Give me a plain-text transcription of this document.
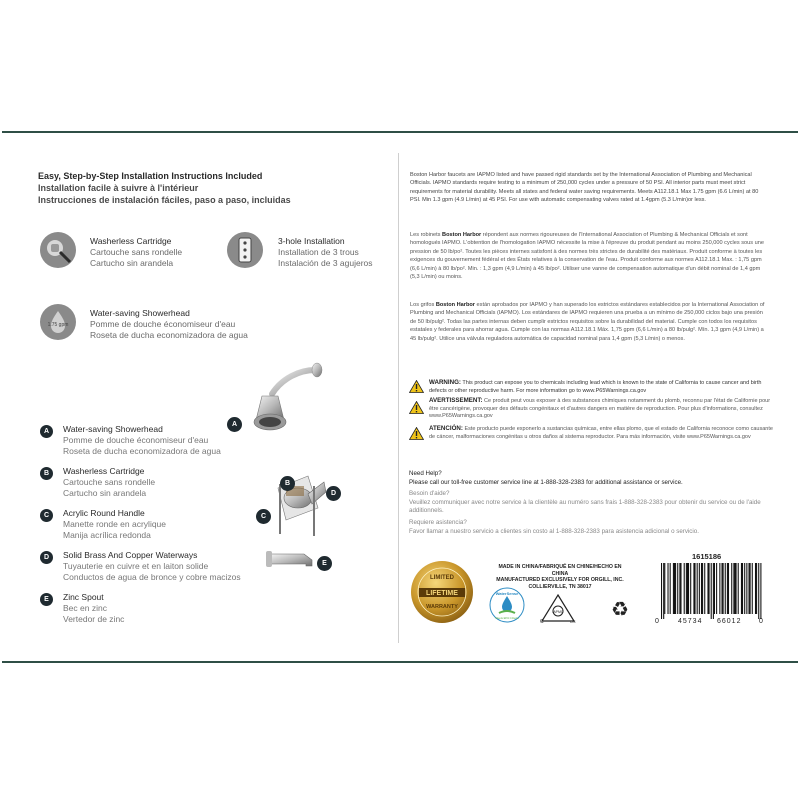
Easy, Step-by-Step Installation Instructions Included
Installation facile à suivre à l'intérieur
Instrucciones de instalación fáciles, paso a paso, incluidas
Washerless Cartridge
Cartouche sans rondelle
Cartucho sin arandela
3-hole Installation
Installation de 3 trous
Instalación de 3 agujeros
1.75 gpm
Water-saving Showerhead
Pomme de douche économiseur d'eau
Roseta de ducha economizadora de agua
A	Water-saving Showerhead
Pomme de douche économiseur d'eau
Roseta de ducha economizadora de agua
B	Washerless Cartridge
Cartouche sans rondelle
Cartucho sin arandela
C	Acrylic Round Handle
Manette ronde en acrylique
Manija acrílica redonda
D	Solid Brass And Copper Waterways
Tuyauterie en cuivre et en laiton solide
Conductos de agua de bronce y cobre macizos
E	Zinc Spout
Bec en zinc
Vertedor de zinc
A
B
C
D
E
Boston Harbor faucets are IAPMO listed and have passed rigid standards set by the International Association of Plumbing and Mechanical Officials. IAPMO standards require testing to a minimum of 250,000 cycles under a pressure of 50 PSI. All interior parts must meet strict requirements for material durability. Meets all states and federal water saving requirements. Meets A112.18.1 Max 1.75 gpm (6.6 L/min) at 80 PSI. Min 1.3 gpm (4.9 L/min) at 45 PSI. For use with automatic compensating valves rated at 1.4gpm (5.3 L/min)or less.
Les robinets Boston Harbor répondent aux normes rigoureuses de l'International Association of Plumbing & Mechanical Officials et sont homologués IAPMO. L'obtention de l'homologation IAPMO nécessite la mise à l'épreuve du produit pendant au moins 250,000 cycles sous une pression de 50 lb/po². Toutes les pièces internes satisfont à des normes très strictes de durabilité des matériaux. Produit conforme à toutes les exigences du gouvernement fédéral et des États relatives à la conservation de l'eau. Produit conforme aux normes A112.18.1 Max. : 1,75 gpm (6,6 L/min) à 80 lb/po². Min. : 1,3 gpm (4,9 L/min) à 45 lb/po². Utiliser une vanne de compensation automatique d'un débit nominal de 1,4 gpm (5,3 L/min) ou moins.
Los grifos Boston Harbor están aprobados por IAPMO y han superado los estrictos estándares establecidos por la International Association of Plumbing and Mechanical Officials (IAPMO). Los estándares de IAPMO requieren una prueba a un mínimo de 250,000 ciclos bajo una presión de 50 lb/pulg². Todas las partes internas deben cumplir estrictos requisitos sobre la durabilidad del material. Cumple con todos los requisitos estatales y federales para ahorrar agua. Cumple con las normas A112.18.1 Máx. 1,75 gpm (6,6 L/min) a 80 lb/pulg². Mín. 1,3 gpm (4,9 L/min) a 45 lb/pulg². Utilice una válvula reguladora automática de capacidad nominal para 1,4 gpm (5,3 L/min) o menos.
WARNING: This product can expose you to chemicals including lead which is known to the state of California to cause cancer and birth defects or other reproductive harm. For more information go to www.P65Warnings.ca.gov
AVERTISSEMENT: Ce produit peut vous exposer à des substances chimiques notamment du plomb, reconnu par l'état de Californie pour être cancérigène, provoquer des défauts congénitaux et d'autres dangers en matière de reproduction. Pour plus d'informations, consultez www.P65Warnings.ca.gov
ATENCIÓN: Este producto puede exponerlo a sustancias químicas, entre ellas plomo, que el estado de California reconoce como causante de cáncer, malformaciones congénitas u otros daños al sistema reproductor. Para más información, visite www.P65Warnings.ca.gov
Need Help?
Please call our toll-free customer service line at 1-888-328-2383 for additional assistance or service.
Besoin d'aide?
Veuillez communiquer avec notre service à la clientèle au numéro sans frais 1-888-328-2383 pour obtenir du service ou de l'aide additionnels.
Requiere asistencia?
Favor llamar a nuestro servicio a clientes sin costo al 1-888-328-2383 para asistencia adicional o servicio.
LIMITED
LIFETIME
WARRANTY
MADE IN CHINA/FABRIQUÉ EN CHINE/HECHO EN CHINA
MANUFACTURED EXCLUSIVELY FOR ORGILL, INC.
COLLIERVILLE, TN 38017
WaterSense
Meets EPA Criteria
C	US
IAPMO ♻
1615186
0	45734 66012	0
